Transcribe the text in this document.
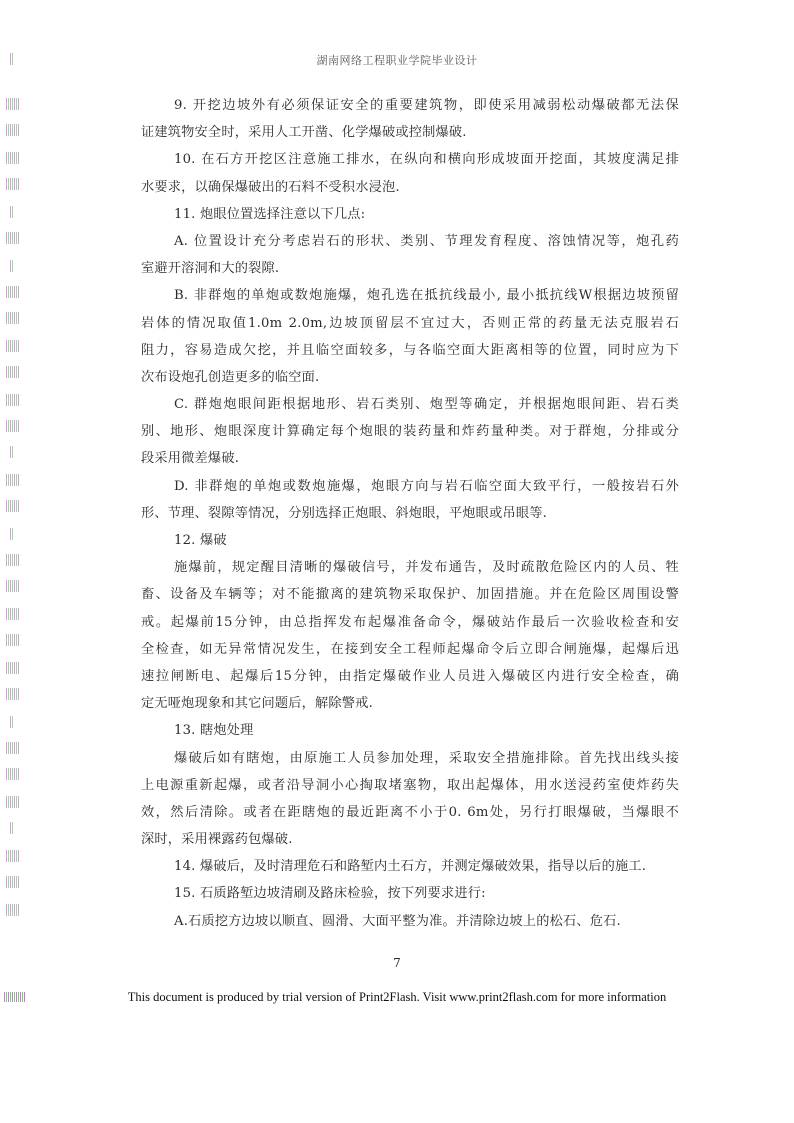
湖南网络工程职业学院毕业设计
9. 开挖边坡外有必须保证安全的重要建筑物，即使采用减弱松动爆破都无法保
证建筑物安全时，采用人工开凿、化学爆破或控制爆破.
10. 在石方开挖区注意施工排水，在纵向和横向形成坡面开挖面，其坡度满足排
水要求，以确保爆破出的石料不受积水浸泡.
11. 炮眼位置选择注意以下几点:
A. 位置设计充分考虑岩石的形状、类别、节理发育程度、溶蚀情况等，炮孔药
室避开溶洞和大的裂隙.
B. 非群炮的单炮或数炮施爆，炮孔选在抵抗线最小, 最小抵抗线W根据边坡预留
岩体的情况取值1.0m 2.0m,边坡顶留层不宜过大，否则正常的药量无法克服岩石
阻力，容易造成欠挖，并且临空面较多，与各临空面大距离相等的位置，同时应为下
次布设炮孔创造更多的临空面.
C. 群炮炮眼间距根据地形、岩石类别、炮型等确定，并根据炮眼间距、岩石类
别、地形、炮眼深度计算确定每个炮眼的装药量和炸药量种类。对于群炮，分排或分
段采用微差爆破.
D. 非群炮的单炮或数炮施爆，炮眼方向与岩石临空面大致平行，一般按岩石外
形、节理、裂隙等情况，分别选择正炮眼、斜炮眼，平炮眼或吊眼等.
12. 爆破
施爆前，规定醒目清晰的爆破信号，并发布通告，及时疏散危险区内的人员、牲
畜、设备及车辆等；对不能撤离的建筑物采取保护、加固措施。并在危险区周围设警
戒。起爆前15分钟，由总指挥发布起爆准备命令，爆破站作最后一次验收检查和安
全检查，如无异常情况发生，在接到安全工程师起爆命令后立即合闸施爆，起爆后迅
速拉闸断电、起爆后15分钟，由指定爆破作业人员进入爆破区内进行安全检查，确
定无哑炮现象和其它问题后，解除警戒.
13. 瞎炮处理
爆破后如有瞎炮，由原施工人员参加处理，采取安全措施排除。首先找出线头接
上电源重新起爆，或者沿导洞小心掏取堵塞物，取出起爆体，用水送浸药室使炸药失
效，然后清除。或者在距瞎炮的最近距离不小于0. 6m处，另行打眼爆破，当爆眼不
深时，采用裸露药包爆破.
14. 爆破后，及时清理危石和路堑内土石方，并测定爆破效果，指导以后的施工.
15. 石质路堑边坡清刷及路床检验，按下列要求进行:
A.石质挖方边坡以顺直、圆滑、大面平整为准。并清除边坡上的松石、危石.
7
This document is produced by trial version of Print2Flash. Visit www.print2flash.com for more information
